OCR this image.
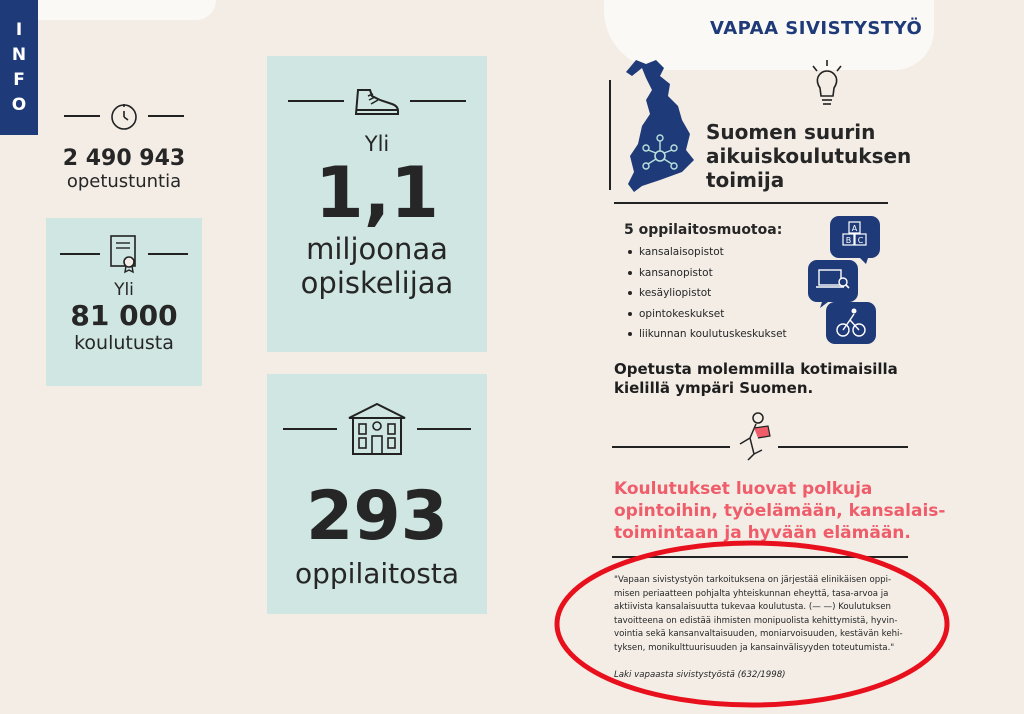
I
N
F
O
2 490 943
opetustuntia
Yli
81 000
koulutusta
Yli
1,1
miljoonaa
opiskelijaa
293
oppilaitosta
VAPAA SIVISTYSTYÖ
Suomen suurin
aikuiskoulutuksen
toimija
5 oppilaitosmuotoa:
kansalaisopistot
kansanopistot
kesäyliopistot
opintokeskukset
liikunnan koulutuskeskukset
A
B C
Opetusta molemmilla kotimaisilla
kielillä ympäri Suomen.
Koulutukset luovat polkuja
opintoihin, työelämään, kansalais-
toimintaan ja hyvään elämään.
"Vapaan sivistystyön tarkoituksena on järjestää elinikäisen oppi-
misen periaatteen pohjalta yhteiskunnan eheyttä, tasa-arvoa ja
aktiivista kansalaisuutta tukevaa koulutusta. (— —) Koulutuksen
tavoitteena on edistää ihmisten monipuolista kehittymistä, hyvin-
vointia sekä kansanvaltaisuuden, moniarvoisuuden, kestävän kehi-
tyksen, monikulttuurisuuden ja kansainvälisyyden toteutumista."
Laki vapaasta sivistystyöstä (632/1998)
